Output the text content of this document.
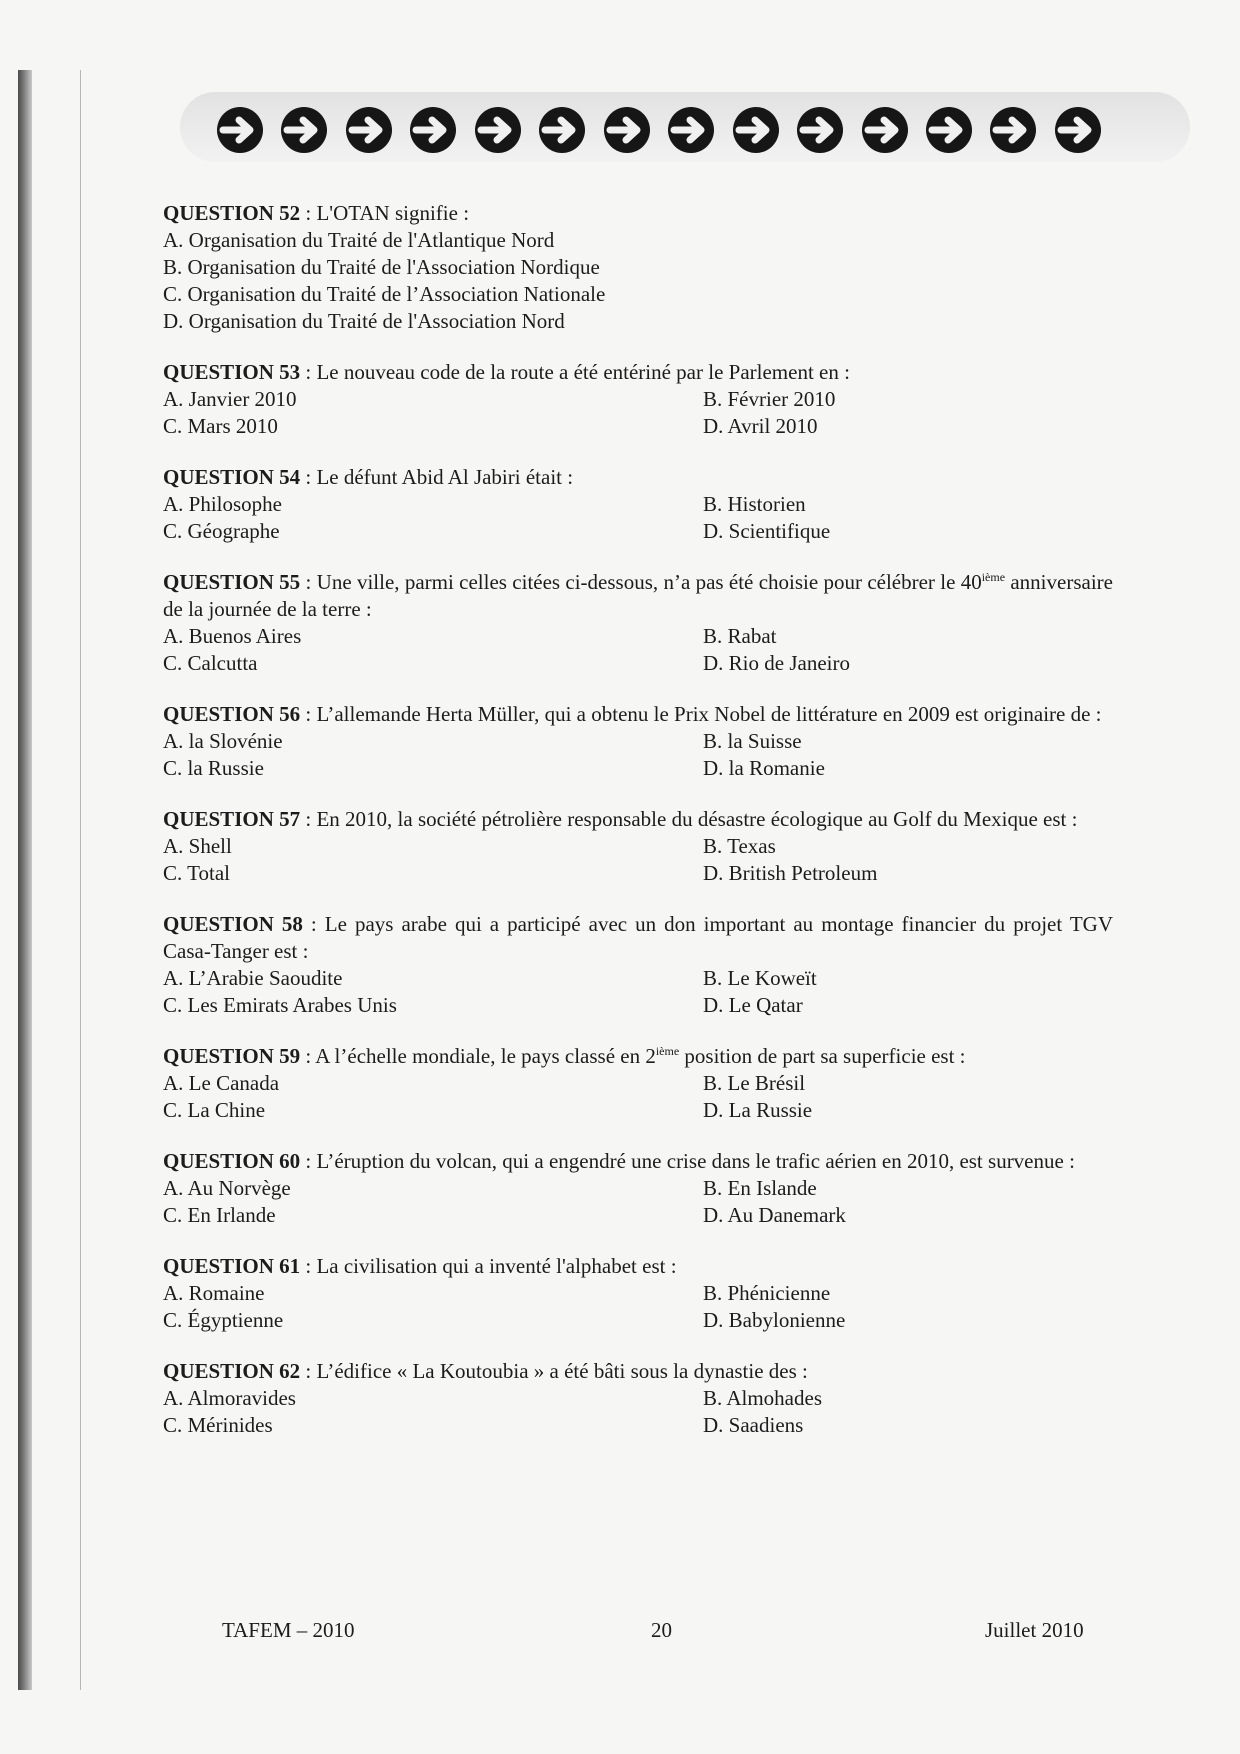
QUESTION 52 : L'OTAN signifie :
A. Organisation du Traité de l'Atlantique Nord
B. Organisation du Traité de l'Association Nordique
C. Organisation du Traité de l’Association Nationale
D. Organisation du Traité de l'Association Nord
QUESTION 53 : Le nouveau code de la route a été entériné par le Parlement en :
A. Janvier 2010	B. Février 2010
C. Mars 2010	D. Avril 2010
QUESTION 54 : Le défunt Abid Al Jabiri était :
A. Philosophe	B. Historien
C. Géographe	D. Scientifique
QUESTION 55 : Une ville, parmi celles citées ci-dessous, n’a pas été choisie pour célébrer le 40ième anniversaire de la journée de la terre :
A. Buenos Aires	B. Rabat
C. Calcutta	D. Rio de Janeiro
QUESTION 56 : L’allemande Herta Müller, qui a obtenu le Prix Nobel de littérature en 2009 est originaire de :
A. la Slovénie	B. la Suisse
C. la Russie	D. la Romanie
QUESTION 57 : En 2010, la société pétrolière responsable du désastre écologique au Golf du Mexique est :
A. Shell	B. Texas
C. Total	D. British Petroleum
QUESTION 58 : Le pays arabe qui a participé avec un don important au montage financier du projet TGV Casa-Tanger est :
A. L’Arabie Saoudite	B. Le Koweït
C. Les Emirats Arabes Unis	D. Le Qatar
QUESTION 59 : A l’échelle mondiale, le pays classé en 2ième position de part sa superficie est :
A. Le Canada	B. Le Brésil
C. La Chine	D. La Russie
QUESTION 60 : L’éruption du volcan, qui a engendré une crise dans le trafic aérien en 2010, est survenue :
A. Au Norvège	B. En Islande
C. En Irlande	D. Au Danemark
QUESTION 61 : La civilisation qui a inventé l'alphabet est :
A. Romaine	B. Phénicienne
C. Égyptienne	D. Babylonienne
QUESTION 62 : L’édifice « La Koutoubia » a été bâti sous la dynastie des :
A. Almoravides	B. Almohades
C. Mérinides	D. Saadiens
TAFEM – 2010	20	Juillet 2010
